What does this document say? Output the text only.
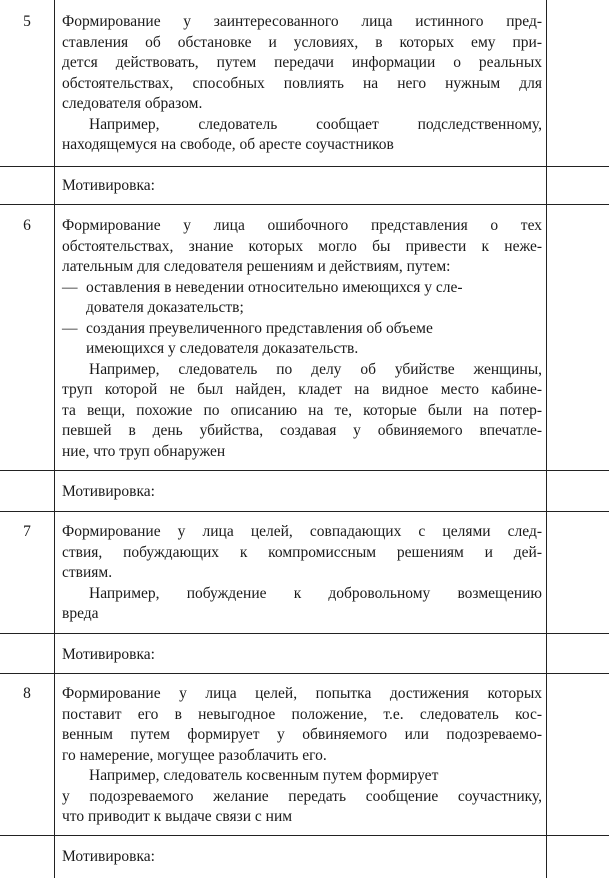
5	Формирование у заинтересованного лица истинного пред-
ставления об обстановке и условиях, в которых ему при-
дется действовать, путем передачи информации о реальных
обстоятельствах, способных повлиять на него нужным для
следователя образом.
Например, следователь сообщает подследственному,
находящемуся на свободе, об аресте соучастников
Мотивировка:
6	Формирование у лица ошибочного представления о тех
обстоятельствах, знание которых могло бы привести к неже-
лательным для следователя решениям и действиям, путем:
— оставления в неведении относительно имеющихся у сле-
дователя доказательств;
— создания преувеличенного представления об объеме
имеющихся у следователя доказательств.
Например, следователь по делу об убийстве женщины,
труп которой не был найден, кладет на видное место кабине-
та вещи, похожие по описанию на те, которые были на потер-
певшей в день убийства, создавая у обвиняемого впечатле-
ние, что труп обнаружен
Мотивировка:
7	Формирование у лица целей, совпадающих с целями след-
ствия, побуждающих к компромиссным решениям и дей-
ствиям.
Например, побуждение к добровольному возмещению
вреда
Мотивировка:
8	Формирование у лица целей, попытка достижения которых
поставит его в невыгодное положение, т.е. следователь кос-
венным путем формирует у обвиняемого или подозреваемо-
го намерение, могущее разоблачить его.
Например, следователь косвенным путем формирует
у подозреваемого желание передать сообщение соучастнику,
что приводит к выдаче связи с ним
Мотивировка:
